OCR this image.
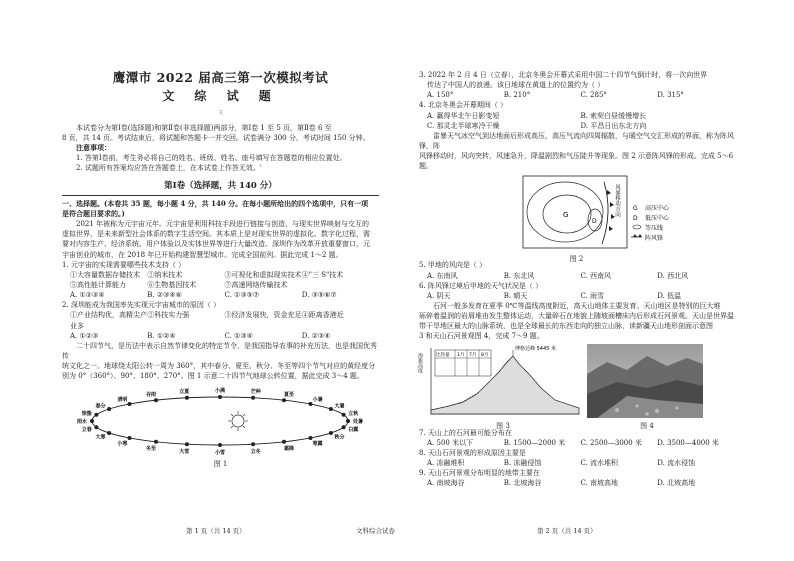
鹰潭市 2022 届高三第一次模拟考试

文 综 试 题

文

本试卷分为第Ⅰ卷(选择题)和第Ⅱ卷(非选择题)两部分，第Ⅰ卷 1 至 5 页，第Ⅱ卷 6 至

8 页，共 14 页。考试结束后，将试题和答题卡一并交回。试卷满分 300 分，考试时间 150 分钟。

注意事项：

1. 答第Ⅰ卷前，考生务必将自己的姓名、班级、姓名、座号填写在答题卷的相应位置处。

2. 试题所有答案均应答在答题卷上，在本试卷上作答无效。'

第Ⅰ卷（选择题，共 140 分）

一、选择题。(本卷共 35 题，每小题 4 分，共 140 分。在每小题所给出的四个选项中，只有一项

是符合题目要求的。)

2021 年被称为元宇宙元年。元宇宙是利用科技手段进行链接与创造，与现实世界映射与交互的

虚拟世界，是未来新型社会体系的数字生活空间。其本质上是对现实世界的虚拟化、数字化过程，需

要对内容生产、经济系统、用户体验以及实体世界等进行大量改造。深圳作为改革开放重要窗口，元

宇宙创业的城市，在 2018 年已开始构建智慧型城市。完成全国前列。据此完成 1～2 题。

1. 元宇宙的实现需要哪些技术支持（ ）

①大容量数据存储技术	②纳米技术	③可视化和虚拟现实技术 ④"三 S"技术
⑤高性能计算能力	⑥生物基因技术	⑦高速网络传输技术
A. ①②③④	B. ②③④⑥	C. ①③⑤⑦	D. ③⑤⑥⑦

2. 深圳能成为我国率先实现元宇宙城市的原因（ ）

①产业结构优，高精尖产业多
②科技实力强	③经济发展快，资金充足 ④距离香港近
A. ①②③	B. ①②④	C. ①③④	D. ②③④

二十四节气，是历法中表示自然节律变化的特定节令，是我国指导农事的补充历法，也是我国优秀传

统文化之一。地球绕太阳公转一周为 360°，其中春分、夏至、秋分、冬至等四个节气对应的黄经度分

别为 0°（360°）、90°、180°、270°。图 1 示意二十四节气地球公转位置，据此完成 3～4 题。

清明
谷雨
立夏	小满	芒种
夏至
小暑
大暑
立秋
处暑
白露
秋分
寒露
霜降
立冬
小雪
大雪
冬至
小寒
大寒
立春
雨水
惊蛰
春分

图 1

第 1 页（共 14 页）	文科综合试卷

3. 2022 年 2 月 4 日（立春），北京冬奥会开幕式采用中国二十四节气倒计时，将一次向世界

传达了中国人的浪漫。该日地球在黄道上的位置约为（ ）

A. 150°	B. 210°	C. 285°	D. 315°

4. 北京冬奥会开幕期间（ ）

A. 赢得华北午日影变短	B. 索契白昼缓慢增长
C. 那灵北半球寒冷干燥	D. 平昌日出东北方向

雷暴天气冰空气到达地面后形成高压，高压气流向四周辐散，与暖空气交汇形成的界面，称为阵风锋，阵

风锋移动时，风向突转，风速急升，降温剧烈和气压陡升等现象。图 2 示意阵风锋的形成。完成 5～6 题。

G
D
风暴移动方向 G 高压中心
D 低压中心
等压线
阵风锋

图 2

5. 甲地的风向是（ ）

A. 东南风	B. 东北风	C. 西南风	D. 西北风

6. 阵风锋过境后甲地的天气状况是（ ）

A. 阴天	B. 晴天	C. 雨雪	D. 低温

石河一般多发育在夏季 0℃等温线高度附近，高天山地体主要发育。天山地区是特别的巨大堆

砾碎着温润的岩屑堆由发生整体运动，大量碎石在地貌上随坡面槽床内后形成石河景观。天山是世界温

带干旱地区最大的山脉系统，也是全球最长的东西走向的独立山脉，读新疆天山地形剖面示意图

3 和天山石河景观图 4，完成 7～9 题。

海拔高度
博格达峰 5445 米
比热量 1月 7月 8月

图 3	图 4

7. 天山上的石河最可能分布在

A. 500 米以下	B. 1500—2000 米	C. 2500—3000 米	D. 3500—4000 米

8. 天山石河景观的形成原因主要是

A. 冻融堆积	B. 冻融侵蚀	C. 流水堆积	D. 流水侵蚀

9. 天山石河景观分布明显的地带主要在

A. 南坡海谷	B. 北坡海谷	C. 南坡高地	D. 北坡高地

第 2 页（共 14 页）
